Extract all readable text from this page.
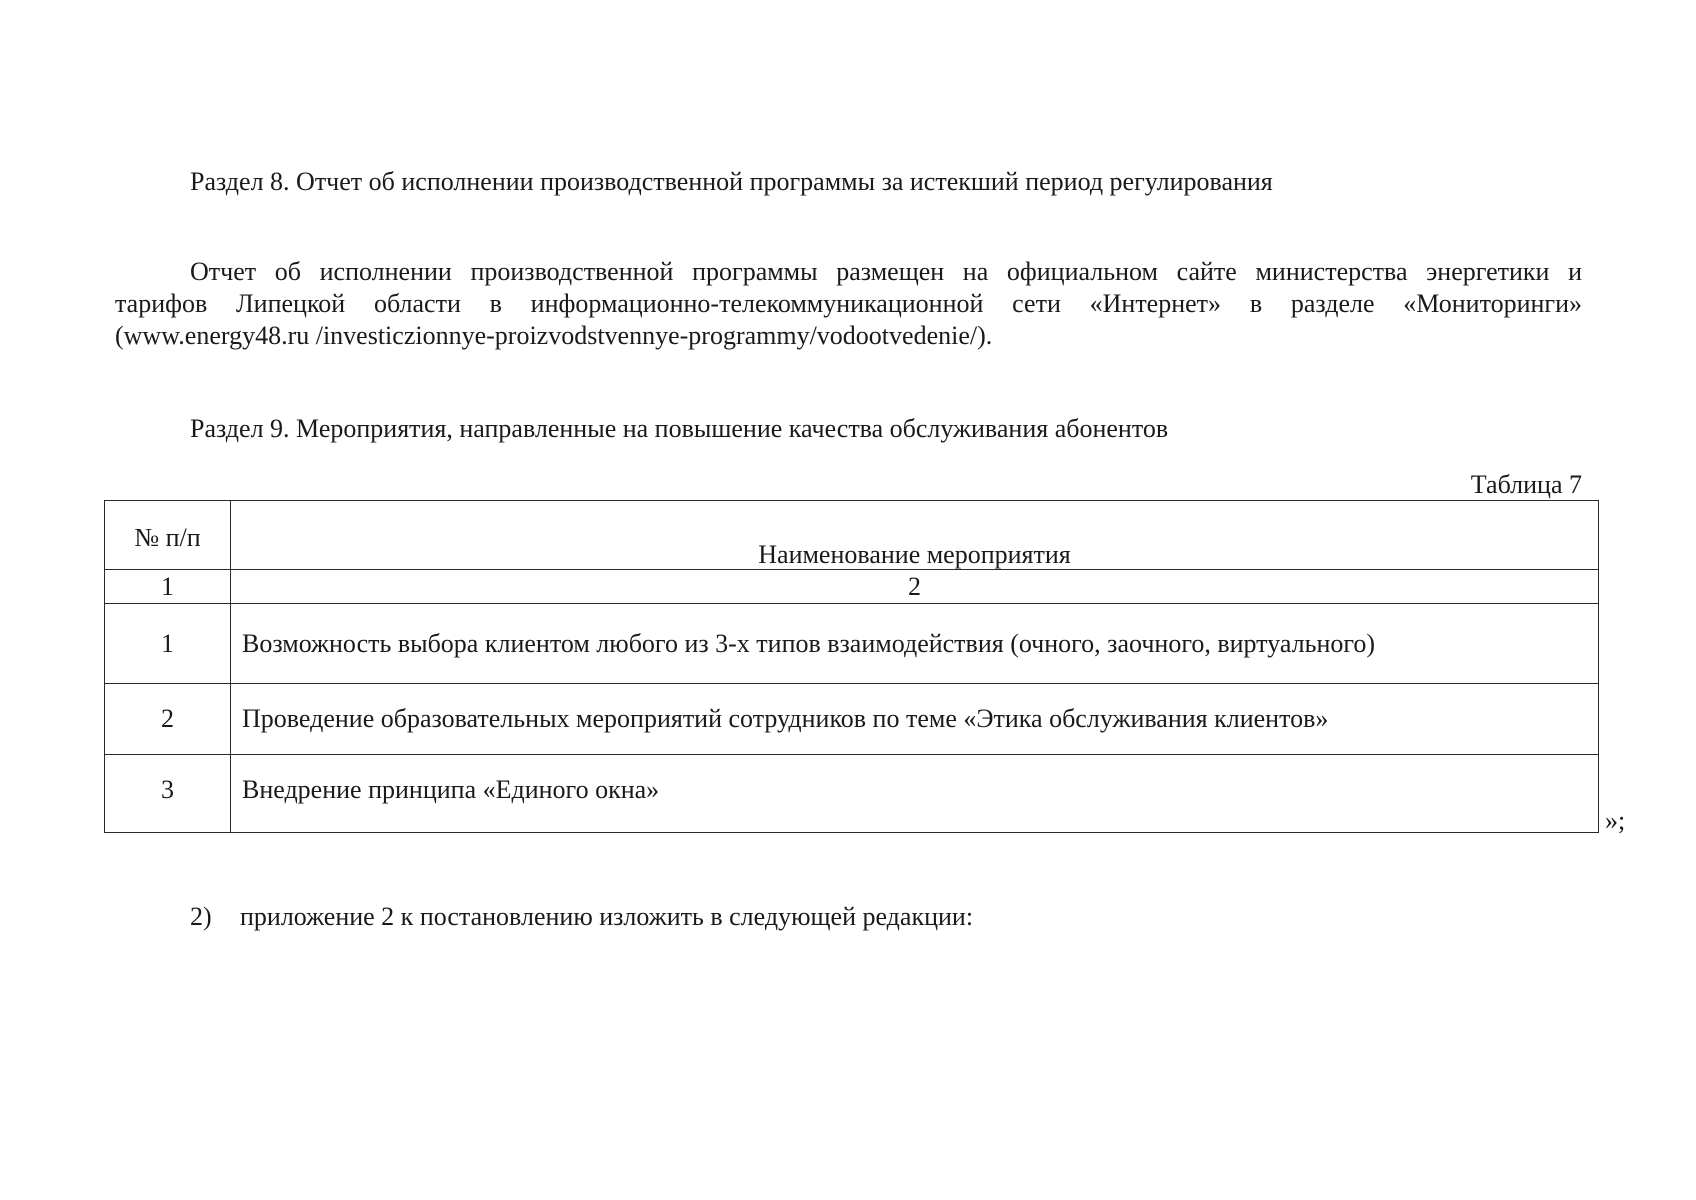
Раздел 8. Отчет об исполнении производственной программы за истекший период регулирования
Отчет об исполнении производственной программы размещен на официальном сайте министерства энергетики и
тарифов Липецкой области в информационно-телекоммуникационной сети «Интернет» в разделе «Мониторинги»
(www.energy48.ru /investiczionnye-proizvodstvennye-programmy/vodootvedenie/).
Раздел 9. Мероприятия, направленные на повышение качества обслуживания абонентов
Таблица 7
№ п/п	Наименование мероприятия
1	2
1	Возможность выбора клиентом любого из 3-х типов взаимодействия (очного, заочного, виртуального)
2	Проведение образовательных мероприятий сотрудников по теме «Этика обслуживания клиентов»
3	Внедрение принципа «Единого окна»
»;
2) приложение 2 к постановлению изложить в следующей редакции:
